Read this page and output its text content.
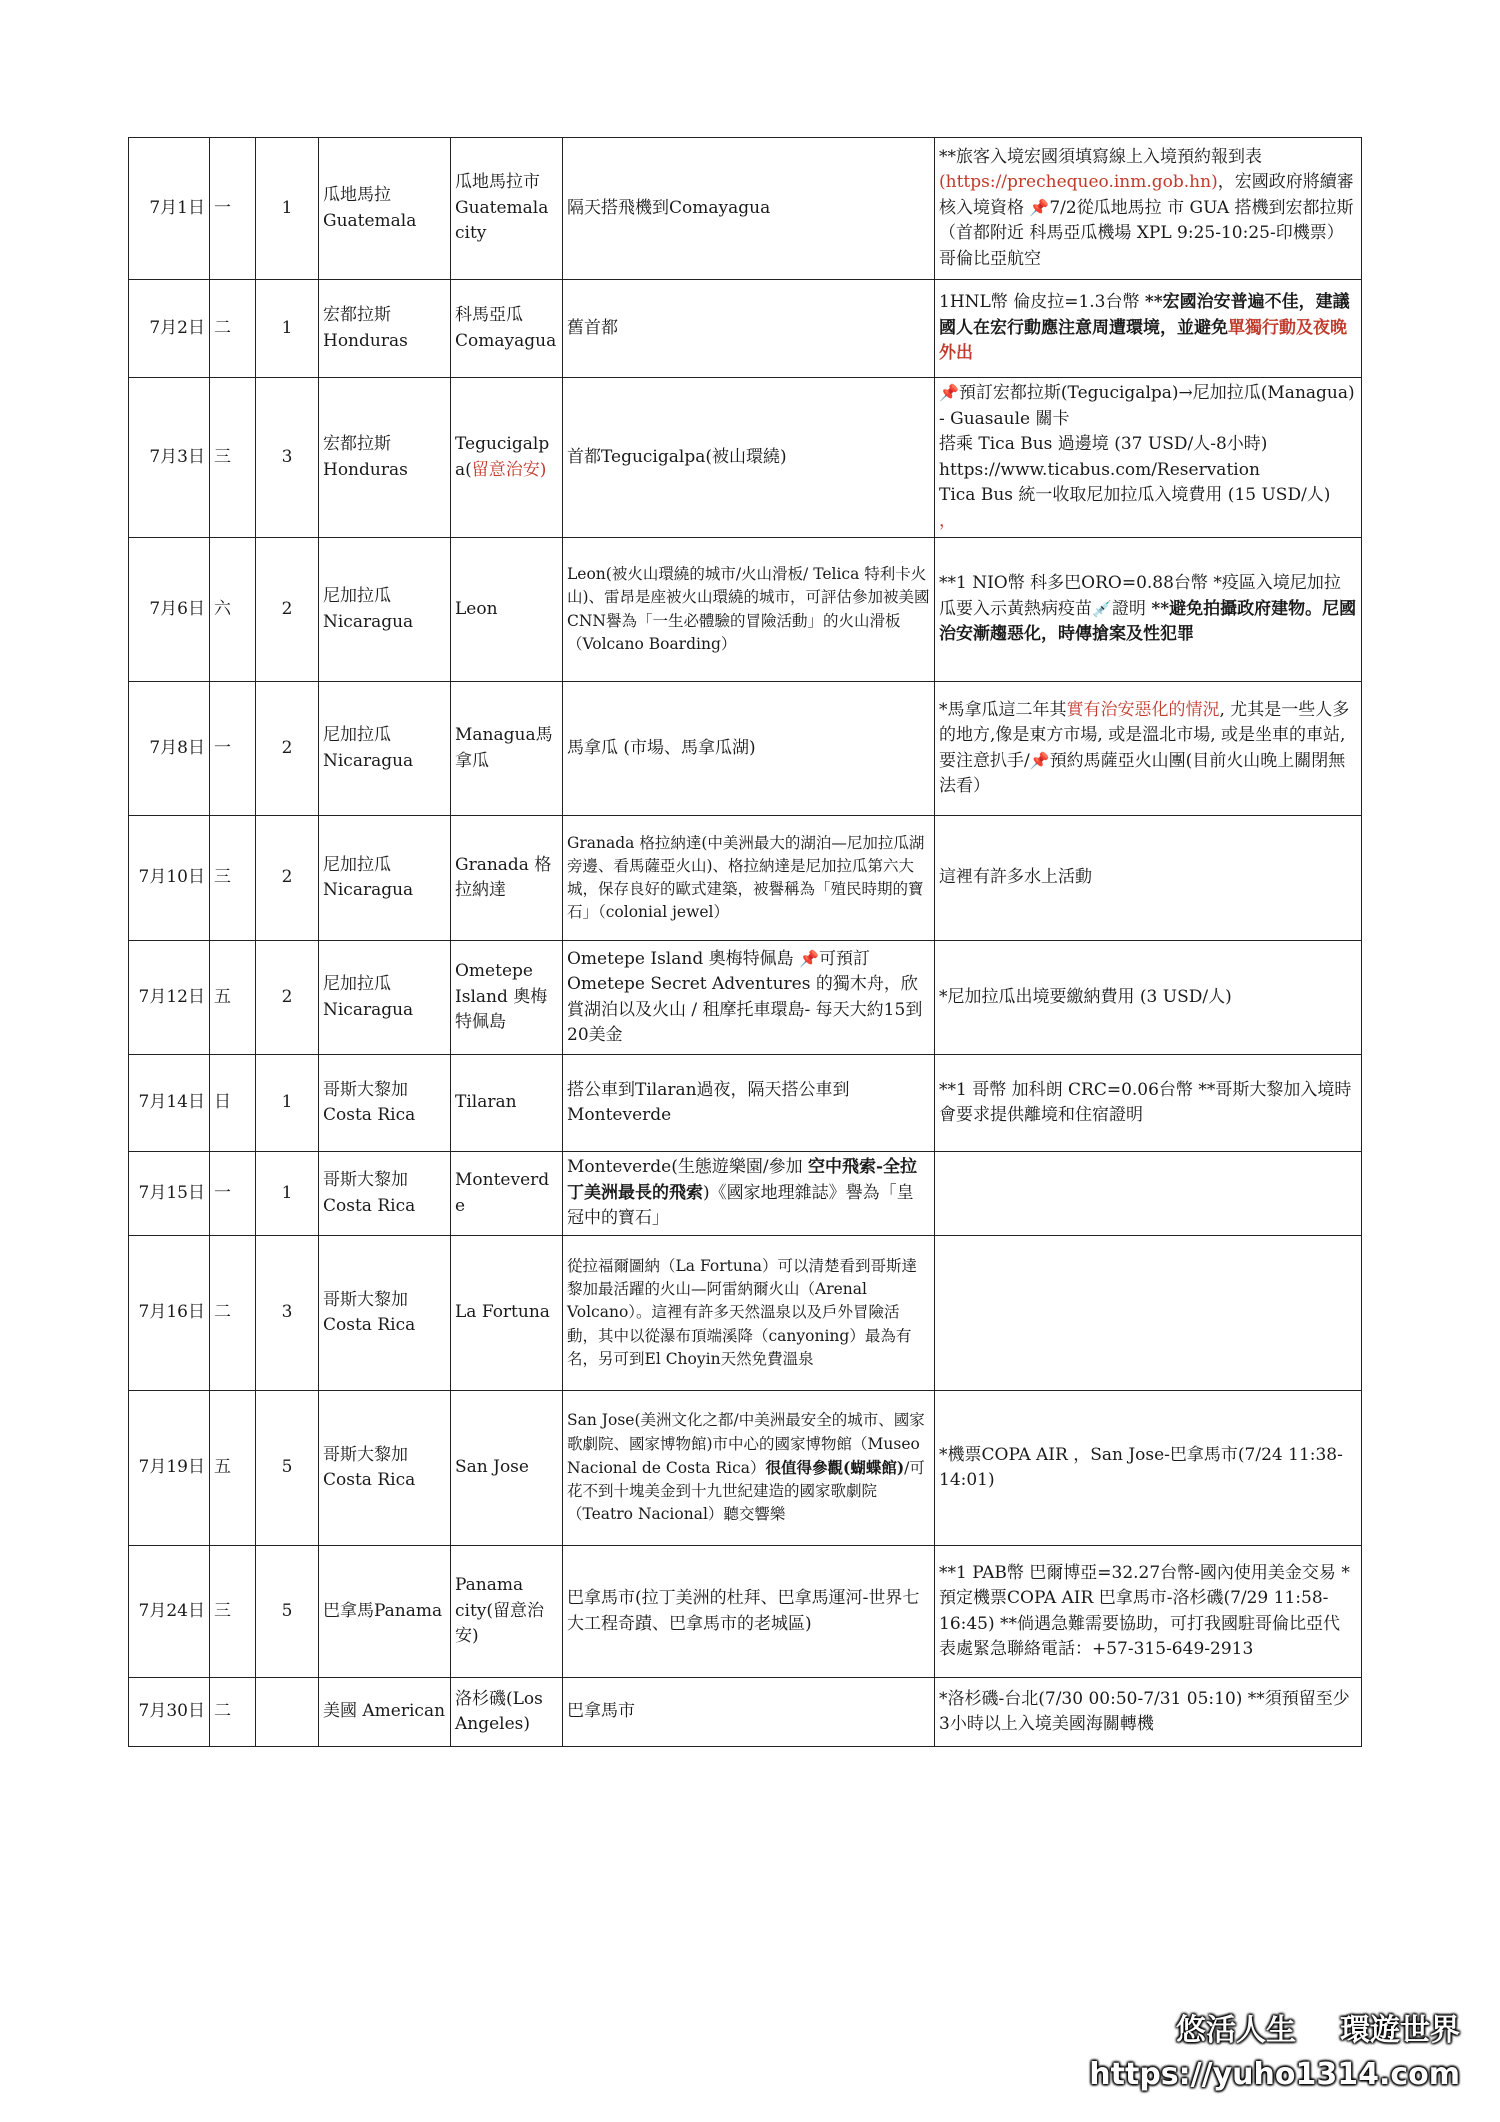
7月1日	一	1	瓜地馬拉 Guatemala	瓜地馬拉市 Guatemala city	隔天搭飛機到Comayagua	**旅客入境宏國須填寫線上入境預約報到表(https://prechequeo.inm.gob.hn)，宏國政府將續審核入境資格 📌7/2從瓜地馬拉 市 GUA 搭機到宏都拉斯（首都附近 科馬亞瓜機場 XPL 9:25-10:25-印機票）哥倫比亞航空
7月2日	二	1	宏都拉斯 Honduras	科馬亞瓜 Comayagua	舊首都	1HNL幣 倫皮拉=1.3台幣 **宏國治安普遍不佳，建議國人在宏行動應注意周遭環境，並避免單獨行動及夜晚外出
7月3日	三	3	宏都拉斯 Honduras	Tegucigalpa(留意治安)	首都Tegucigalpa(被山環繞)	📌預訂宏都拉斯(Tegucigalpa)→尼加拉瓜(Managua) - Guasaule 關卡
搭乘 Tica Bus 過邊境 (37 USD/人-8小時)
https://www.ticabus.com/Reservation
Tica Bus 統一收取尼加拉瓜入境費用 (15 USD/人)
，
7月6日	六	2	尼加拉瓜 Nicaragua	Leon	Leon(被火山環繞的城市/火山滑板/ Telica 特利卡火山)、雷昂是座被火山環繞的城市，可評估參加被美國CNN譽為「一生必體驗的冒險活動」的火山滑板（Volcano Boarding）	**1 NIO幣 科多巴ORO=0.88台幣 *疫區入境尼加拉瓜要入示黃熱病疫苗💉證明 **避免拍攝政府建物。尼國治安漸趨惡化，時傳搶案及性犯罪
7月8日	一	2	尼加拉瓜 Nicaragua	Managua馬拿瓜	馬拿瓜 (市場、馬拿瓜湖)	*馬拿瓜這二年其實有治安惡化的情況, 尤其是一些人多的地方,像是東方市場, 或是溫北市場, 或是坐車的車站,要注意扒手/📌預約馬薩亞火山團(目前火山晚上關閉無法看）
7月10日	三	2	尼加拉瓜 Nicaragua	Granada 格拉納達	Granada 格拉納達(中美洲最大的湖泊—尼加拉瓜湖旁邊、看馬薩亞火山)、格拉納達是尼加拉瓜第六大城，保存良好的歐式建築，被譽稱為「殖民時期的寶石」（colonial jewel）	這裡有許多水上活動
7月12日	五	2	尼加拉瓜 Nicaragua	Ometepe Island 奧梅特佩島	Ometepe Island 奧梅特佩島 📌可預訂Ometepe Secret Adventures 的獨木舟，欣賞湖泊以及火山 / 租摩托車環島- 每天大約15到20美金	*尼加拉瓜出境要繳納費用 (3 USD/人)
7月14日	日	1	哥斯大黎加 Costa Rica	Tilaran	搭公車到Tilaran過夜，隔天搭公車到Monteverde	**1 哥幣 加科朗 CRC=0.06台幣 **哥斯大黎加入境時會要求提供離境和住宿證明
7月15日	一	1	哥斯大黎加 Costa Rica	Monteverde	Monteverde(生態遊樂園/參加 空中飛索-全拉丁美洲最長的飛索)《國家地理雜誌》譽為「皇冠中的寶石」	
7月16日	二	3	哥斯大黎加 Costa Rica	La Fortuna	從拉福爾圖納（La Fortuna）可以清楚看到哥斯達黎加最活躍的火山—阿雷納爾火山（Arenal Volcano）。這裡有許多天然溫泉以及戶外冒險活動，其中以從瀑布頂端溪降（canyoning）最為有名，另可到El Choyin天然免費溫泉	
7月19日	五	5	哥斯大黎加 Costa Rica	San Jose	San Jose(美洲文化之都/中美洲最安全的城市、國家歌劇院、國家博物館)市中心的國家博物館（Museo Nacional de Costa Rica）很值得參觀(蝴蝶館)/可花不到十塊美金到十九世紀建造的國家歌劇院（Teatro Nacional）聽交響樂	*機票COPA AIR ，San Jose-巴拿馬市(7/24 11:38-14:01)
7月24日	三	5	巴拿馬Panama	Panama city(留意治安)	巴拿馬市(拉丁美洲的杜拜、巴拿馬運河-世界七大工程奇蹟、巴拿馬市的老城區)	**1 PAB幣 巴爾博亞=32.27台幣-國內使用美金交易 *預定機票COPA AIR 巴拿馬市-洛杉磯(7/29 11:58-16:45) **倘遇急難需要協助，可打我國駐哥倫比亞代表處緊急聯絡電話：+57-315-649-2913
7月30日	二		美國 American	洛杉磯(Los Angeles)	巴拿馬市	*洛杉磯-台北(7/30 00:50-7/31 05:10) **須預留至少3小時以上入境美國海關轉機
悠活人生 環遊世界
https://yuho1314.com
